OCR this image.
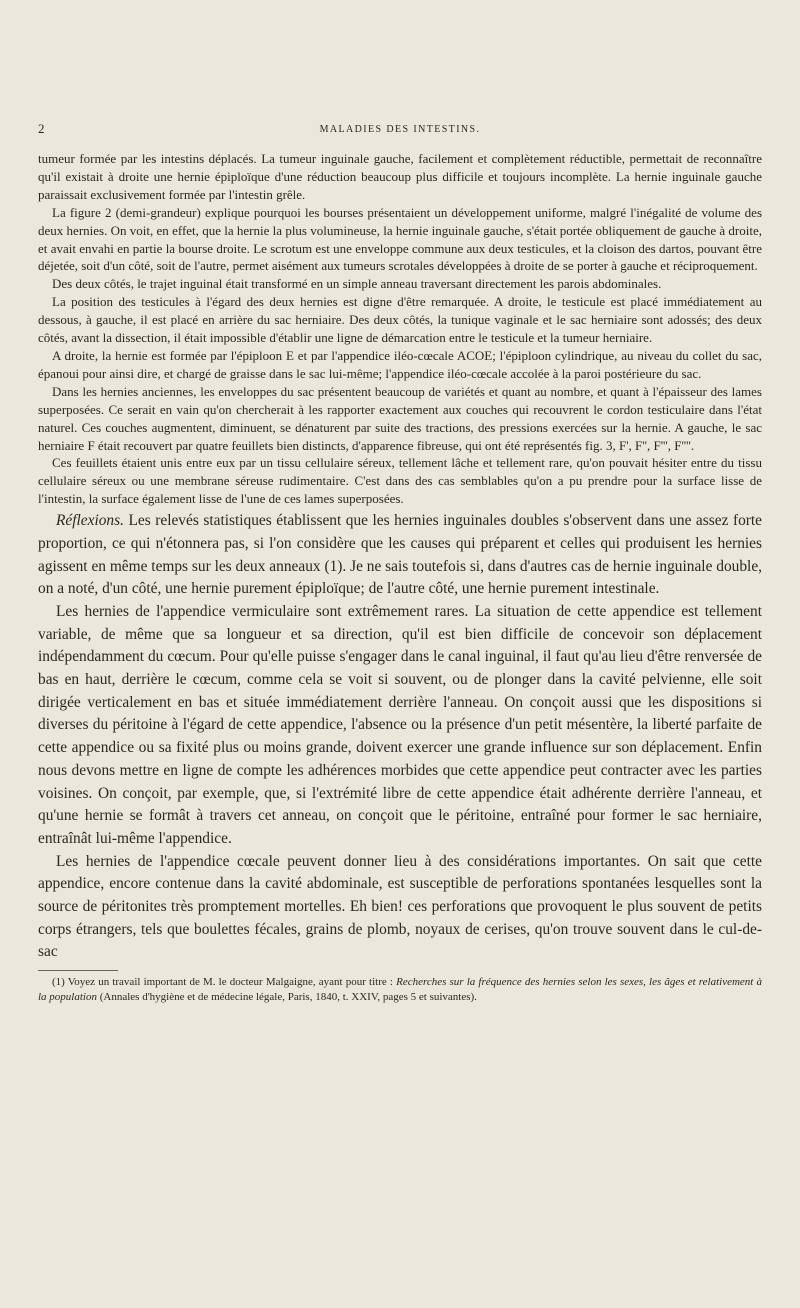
2	MALADIES DES INTESTINS.

tumeur formée par les intestins déplacés. La tumeur inguinale gauche, facilement et complètement réductible, permettait de reconnaître qu'il existait à droite une hernie épiploïque d'une réduction beaucoup plus difficile et toujours incomplète. La hernie inguinale gauche paraissait exclusivement formée par l'intestin grêle.

La figure 2 (demi-grandeur) explique pourquoi les bourses présentaient un développement uniforme, malgré l'inégalité de volume des deux hernies. On voit, en effet, que la hernie la plus volumineuse, la hernie inguinale gauche, s'était portée obliquement de gauche à droite, et avait envahi en partie la bourse droite. Le scrotum est une enveloppe commune aux deux testicules, et la cloison des dartos, pouvant être déjetée, soit d'un côté, soit de l'autre, permet aisément aux tumeurs scrotales développées à droite de se porter à gauche et réciproquement.

Des deux côtés, le trajet inguinal était transformé en un simple anneau traversant directement les parois abdominales.

La position des testicules à l'égard des deux hernies est digne d'être remarquée. A droite, le testicule est placé immédiatement au dessous, à gauche, il est placé en arrière du sac herniaire. Des deux côtés, la tunique vaginale et le sac herniaire sont adossés; des deux côtés, avant la dissection, il était impossible d'établir une ligne de démarcation entre le testicule et la tumeur herniaire.

A droite, la hernie est formée par l'épiploon E et par l'appendice iléo-cœcale ACOE; l'épiploon cylindrique, au niveau du collet du sac, épanoui pour ainsi dire, et chargé de graisse dans le sac lui-même; l'appendice iléo-cœcale accolée à la paroi postérieure du sac.

Dans les hernies anciennes, les enveloppes du sac présentent beaucoup de variétés et quant au nombre, et quant à l'épaisseur des lames superposées. Ce serait en vain qu'on chercherait à les rapporter exactement aux couches qui recouvrent le cordon testiculaire dans l'état naturel. Ces couches augmentent, diminuent, se dénaturent par suite des tractions, des pressions exercées sur la hernie. A gauche, le sac herniaire F était recouvert par quatre feuillets bien distincts, d'apparence fibreuse, qui ont été représentés fig. 3, F', F'', F''', F''''.

Ces feuillets étaient unis entre eux par un tissu cellulaire séreux, tellement lâche et tellement rare, qu'on pouvait hésiter entre du tissu cellulaire séreux ou une membrane séreuse rudimentaire. C'est dans des cas semblables qu'on a pu prendre pour la surface lisse de l'intestin, la surface également lisse de l'une de ces lames superposées.

Réflexions. Les relevés statistiques établissent que les hernies inguinales doubles s'observent dans une assez forte proportion, ce qui n'étonnera pas, si l'on considère que les causes qui préparent et celles qui produisent les hernies agissent en même temps sur les deux anneaux (1). Je ne sais toutefois si, dans d'autres cas de hernie inguinale double, on a noté, d'un côté, une hernie purement épiploïque; de l'autre côté, une hernie purement intestinale.

Les hernies de l'appendice vermiculaire sont extrêmement rares. La situation de cette appendice est tellement variable, de même que sa longueur et sa direction, qu'il est bien difficile de concevoir son déplacement indépendamment du cœcum. Pour qu'elle puisse s'engager dans le canal inguinal, il faut qu'au lieu d'être renversée de bas en haut, derrière le cœcum, comme cela se voit si souvent, ou de plonger dans la cavité pelvienne, elle soit dirigée verticalement en bas et située immédiatement derrière l'anneau. On conçoit aussi que les dispositions si diverses du péritoine à l'égard de cette appendice, l'absence ou la présence d'un petit mésentère, la liberté parfaite de cette appendice ou sa fixité plus ou moins grande, doivent exercer une grande influence sur son déplacement. Enfin nous devons mettre en ligne de compte les adhérences morbides que cette appendice peut contracter avec les parties voisines. On conçoit, par exemple, que, si l'extrémité libre de cette appendice était adhérente derrière l'anneau, et qu'une hernie se formât à travers cet anneau, on conçoit que le péritoine, entraîné pour former le sac herniaire, entraînât lui-même l'appendice.

Les hernies de l'appendice cœcale peuvent donner lieu à des considérations importantes. On sait que cette appendice, encore contenue dans la cavité abdominale, est susceptible de perforations spontanées lesquelles sont la source de péritonites très promptement mortelles. Eh bien! ces perforations que provoquent le plus souvent de petits corps étrangers, tels que boulettes fécales, grains de plomb, noyaux de cerises, qu'on trouve souvent dans le cul-de-sac

(1) Voyez un travail important de M. le docteur Malgaigne, ayant pour titre : Recherches sur la fréquence des hernies selon les sexes, les âges et relativement à la population (Annales d'hygiène et de médecine légale, Paris, 1840, t. XXIV, pages 5 et suivantes).
